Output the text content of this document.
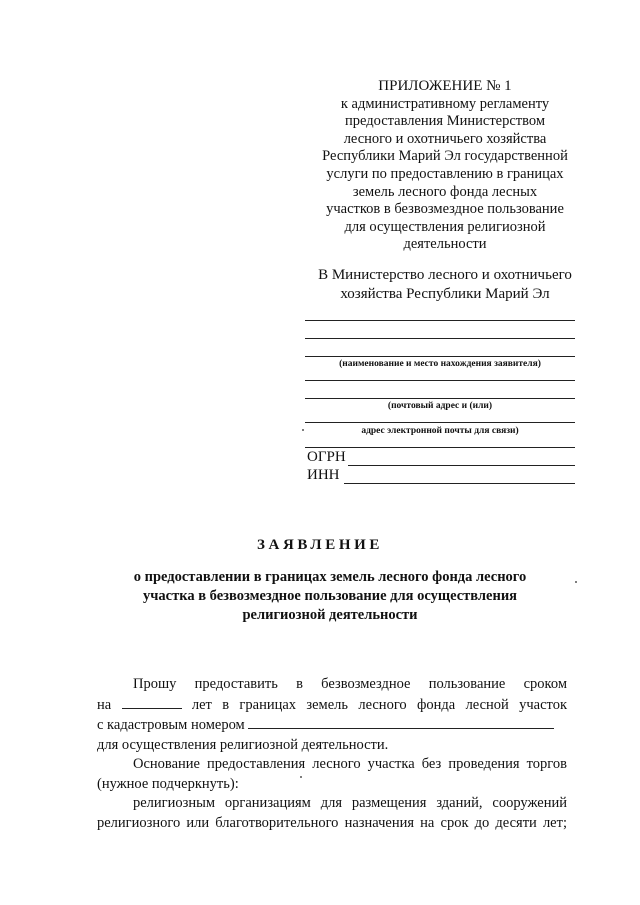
ПРИЛОЖЕНИЕ № 1
к административному регламенту
предоставления Министерством
лесного и охотничьего хозяйства
Республики Марий Эл государственной
услуги по предоставлению в границах
земель лесного фонда лесных
участков в безвозмездное пользование
для осуществления религиозной
деятельности
В Министерство лесного и охотничьего
хозяйства Республики Марий Эл
(наименование и место нахождения заявителя)
(почтовый адрес и (или)
адрес электронной почты для связи)
ОГРН
ИНН
ЗАЯВЛЕНИЕ
о предоставлении в границах земель лесного фонда лесного
участка в безвозмездное пользование для осуществления
религиозной деятельности

Прошу предоставить в безвозмездное пользование сроком

на	лет в границах земель лесного фонда лесной участок

с кадастровым номером

для осуществления религиозной деятельности.

Основание предоставления лесного участка без проведения торгов

(нужное подчеркнуть):

религиозным организациям для размещения зданий, сооружений

религиозного или благотворительного назначения на срок до десяти лет;
